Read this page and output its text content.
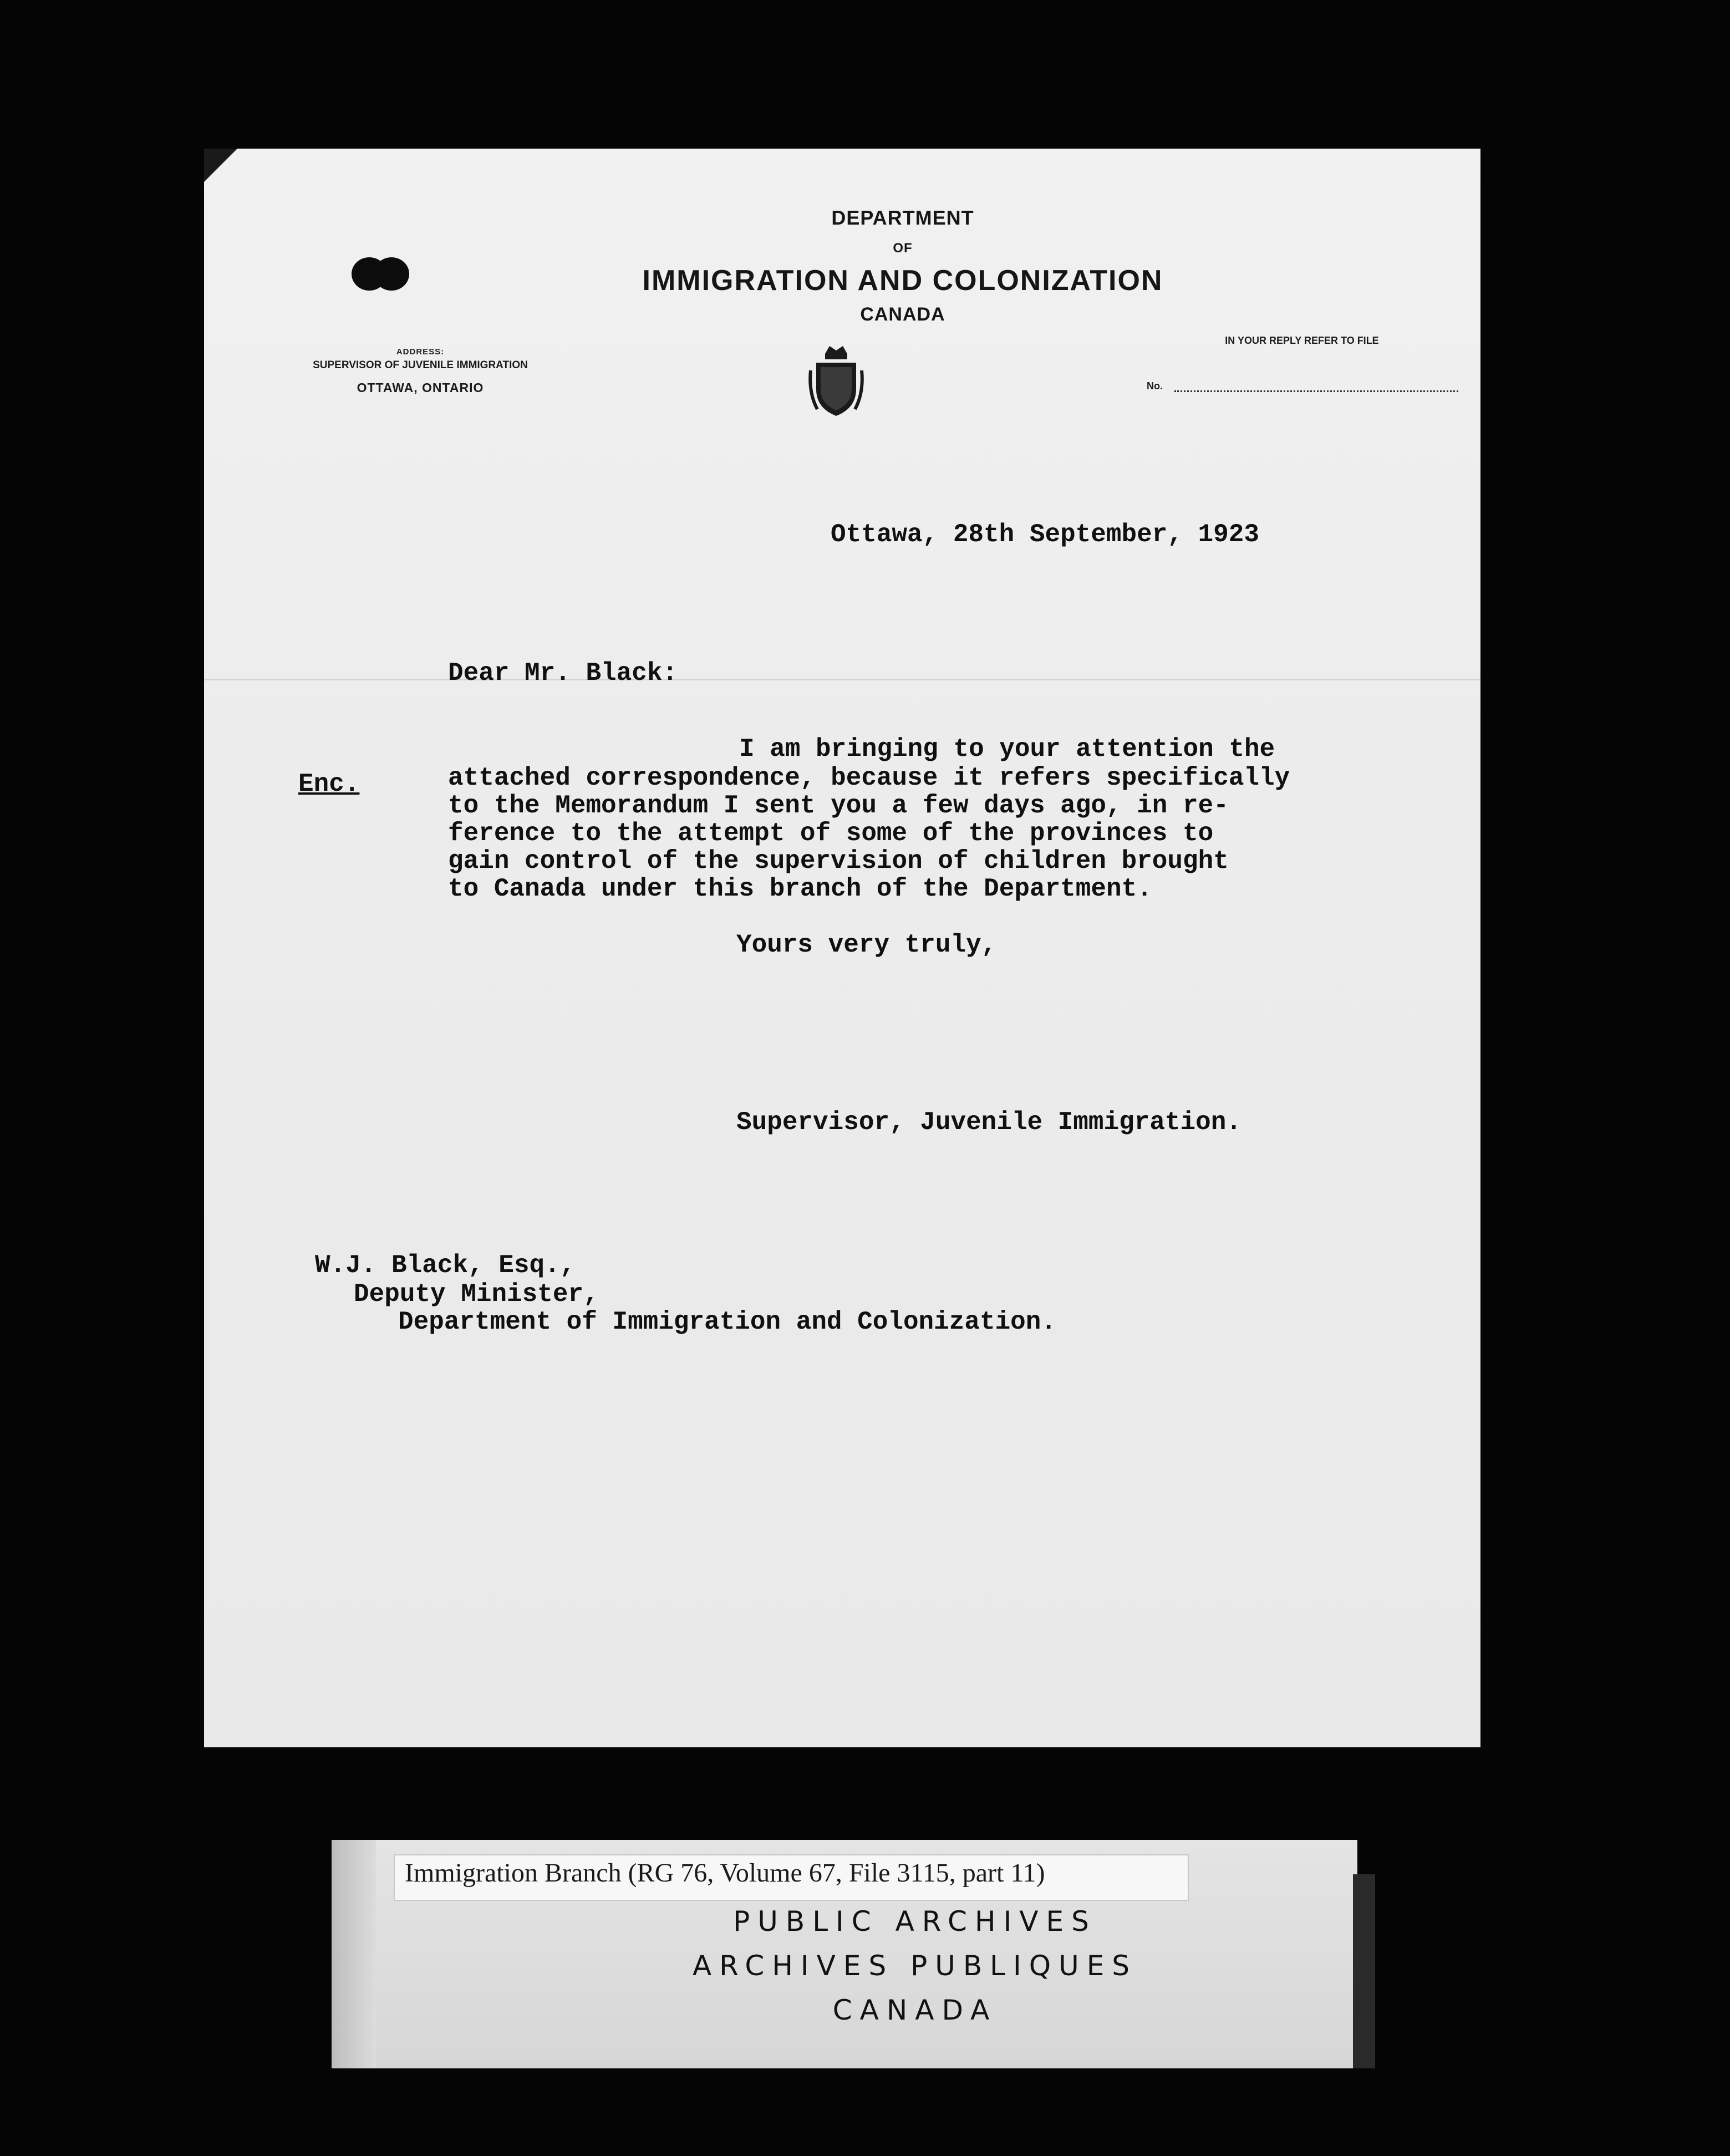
DEPARTMENT
OF
IMMIGRATION AND COLONIZATION
CANADA
ADDRESS:
SUPERVISOR OF JUVENILE IMMIGRATION
OTTAWA, ONTARIO
IN YOUR REPLY REFER TO FILE
No.
Ottawa, 28th September, 1923
Dear Mr. Black:
Enc.
I am bringing to your attention the
attached correspondence, because it refers specifically
to the Memorandum I sent you a few days ago, in re-
ference to the attempt of some of the provinces to
gain control of the supervision of children brought
to Canada under this branch of the Department.
Yours very truly,
Supervisor, Juvenile Immigration.
W.J. Black, Esq.,
Deputy Minister,
Department of Immigration and Colonization.
Immigration Branch (RG 76, Volume 67, File 3115, part 11)
PUBLIC ARCHIVES
ARCHIVES PUBLIQUES
CANADA
